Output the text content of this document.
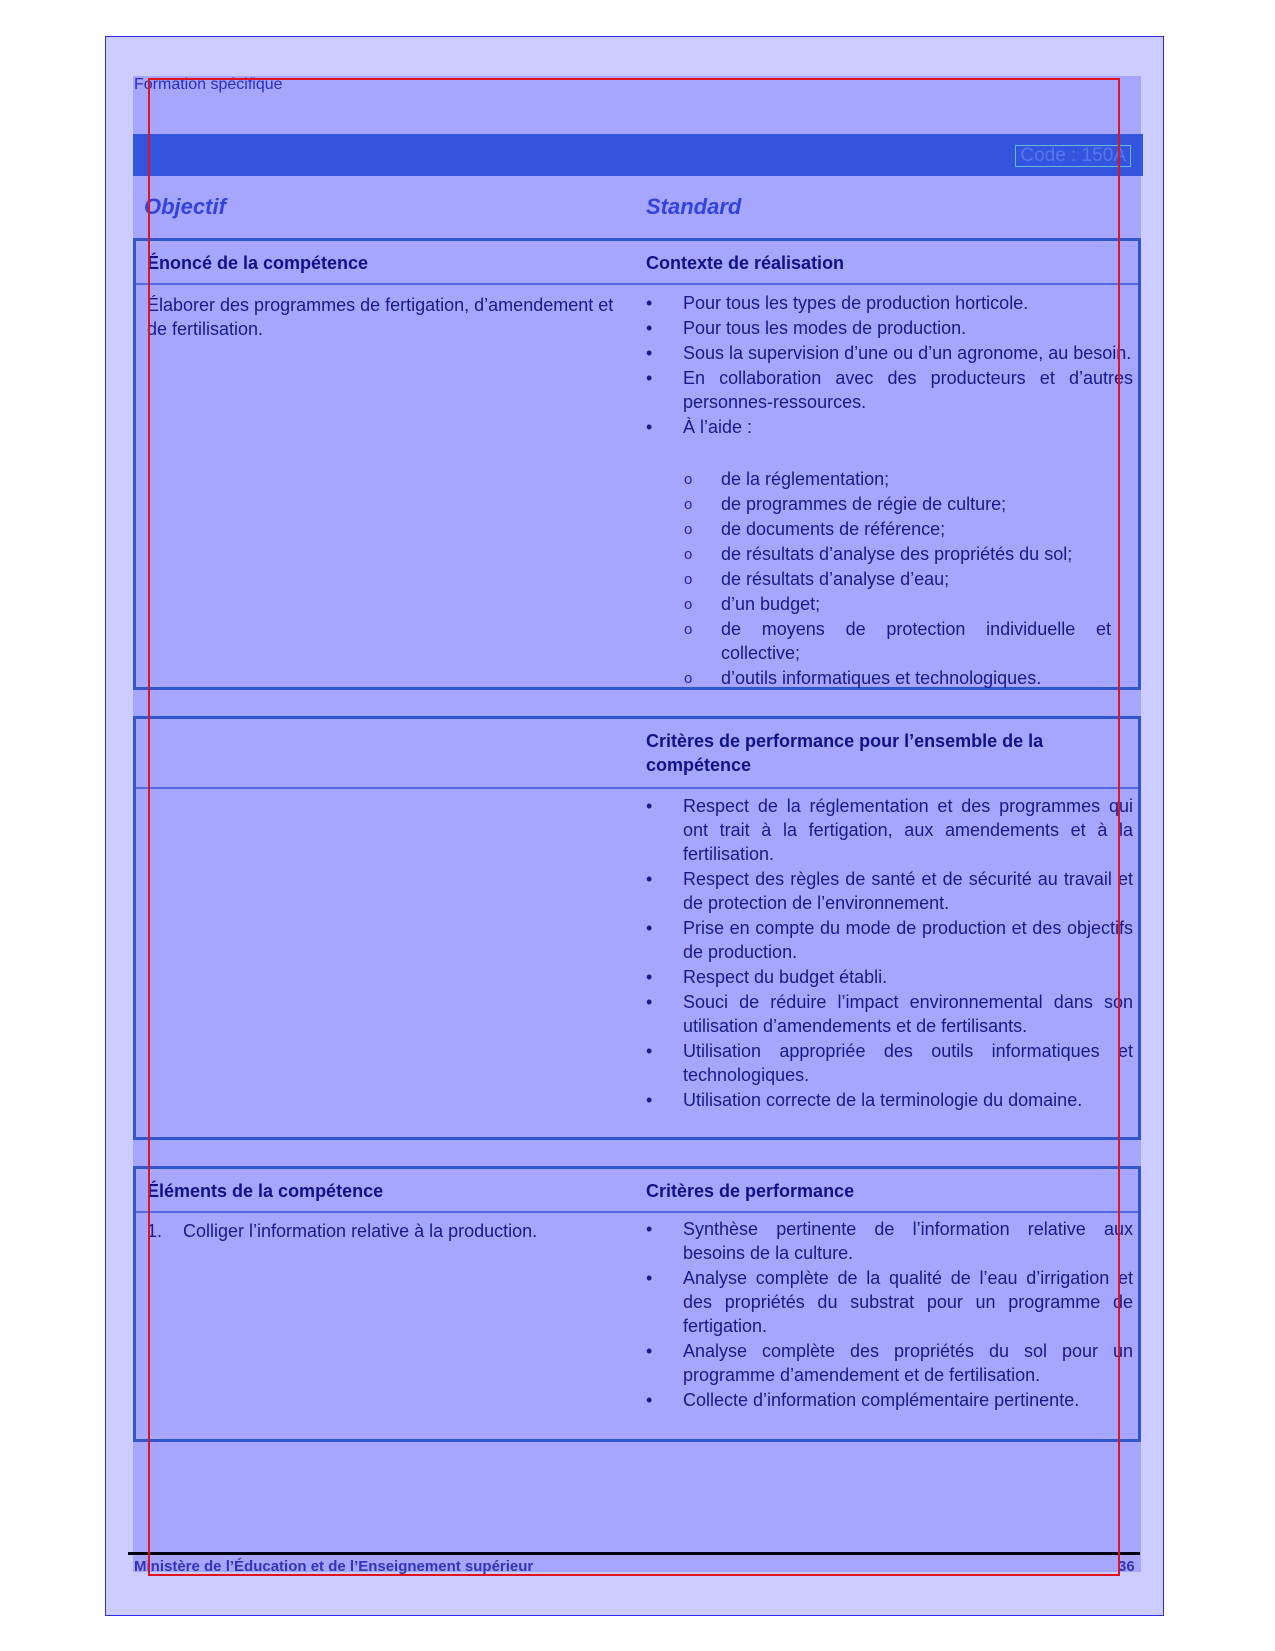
Formation spécifique
Code : 150A
Objectif	Standard
Énoncé de la compétence	Contexte de réalisation
Élaborer des programmes de fertigation, d’amendement et de fertilisation.
• Pour tous les types de production horticole.
• Pour tous les modes de production.
• Sous la supervision d’une ou d’un agronome, au besoin.
• En collaboration avec des producteurs et d’autres personnes-ressources.
• À l’aide :
o de la réglementation;
o de programmes de régie de culture;
o de documents de référence;
o de résultats d’analyse des propriétés du sol;
o de résultats d’analyse d’eau;
o d’un budget;
o de moyens de protection individuelle et collective;
o d’outils informatiques et technologiques.
Critères de performance pour l’ensemble de la compétence
• Respect de la réglementation et des programmes qui ont trait à la fertigation, aux amendements et à la fertilisation.
• Respect des règles de santé et de sécurité au travail et de protection de l’environnement.
• Prise en compte du mode de production et des objectifs de production.
• Respect du budget établi.
• Souci de réduire l’impact environnemental dans son utilisation d’amendements et de fertilisants.
• Utilisation appropriée des outils informatiques et technologiques.
• Utilisation correcte de la terminologie du domaine.
Éléments de la compétence	Critères de performance
1. Colliger l’information relative à la production.	• Synthèse pertinente de l’information relative aux besoins de la culture.
• Analyse complète de la qualité de l’eau d’irrigation et des propriétés du substrat pour un programme de fertigation.
• Analyse complète des propriétés du sol pour un programme d’amendement et de fertilisation.
• Collecte d’information complémentaire pertinente.
Ministère de l’Éducation et de l’Enseignement supérieur	36
